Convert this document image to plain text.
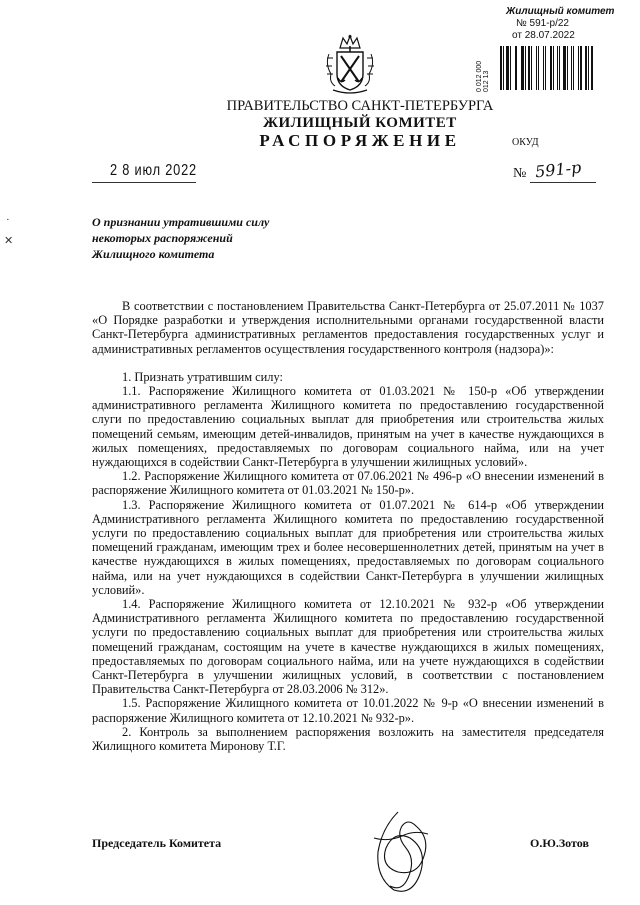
Жилищный комитет
№ 591-р/22
от 28.07.2022
0 012 000 012 13
ПРАВИТЕЛЬСТВО САНКТ-ПЕТЕРБУРГА
ЖИЛИЩНЫЙ КОМИТЕТ
РАСПОРЯЖЕНИЕ	ОКУД
2 8 июл 2022	№ 591-р
·
✕
О признании утратившими силу
некоторых распоряжений
Жилищного комитета

В соответствии с постановлением Правительства Санкт-Петербурга от 25.07.2011 № 1037 «О Порядке разработки и утверждения исполнительными органами государственной власти Санкт-Петербурга административных регламентов предоставления государственных услуг и административных регламентов осуществления государственного контроля (надзора)»:

1. Признать утратившим силу:

1.1. Распоряжение Жилищного комитета от 01.03.2021 № 150-р «Об утверждении административного регламента Жилищного комитета по предоставлению государственной слуги по предоставлению социальных выплат для приобретения или строительства жилых помещений семьям, имеющим детей-инвалидов, принятым на учет в качестве нуждающихся в жилых помещениях, предоставляемых по договорам социального найма, или на учет нуждающихся в содействии Санкт-Петербурга в улучшении жилищных условий».

1.2. Распоряжение Жилищного комитета от 07.06.2021 № 496-р «О внесении изменений в распоряжение Жилищного комитета от 01.03.2021 № 150-р».

1.3. Распоряжение Жилищного комитета от 01.07.2021 № 614-р «Об утверждении Административного регламента Жилищного комитета по предоставлению государственной услуги по предоставлению социальных выплат для приобретения или строительства жилых помещений гражданам, имеющим трех и более несовершеннолетних детей, принятым на учет в качестве нуждающихся в жилых помещениях, предоставляемых по договорам социального найма, или на учет нуждающихся в содействии Санкт-Петербурга в улучшении жилищных условий».

1.4. Распоряжение Жилищного комитета от 12.10.2021 № 932-р «Об утверждении Административного регламента Жилищного комитета по предоставлению государственной услуги по предоставлению социальных выплат для приобретения или строительства жилых помещений гражданам, состоящим на учете в качестве нуждающихся в жилых помещениях, предоставляемых по договорам социального найма, или на учете нуждающихся в содействии Санкт-Петербурга в улучшении жилищных условий, в соответствии с постановлением Правительства Санкт-Петербурга от 28.03.2006 № 312».

1.5. Распоряжение Жилищного комитета от 10.01.2022 № 9-р «О внесении изменений в распоряжение Жилищного комитета от 12.10.2021 № 932-р».

2. Контроль за выполнением распоряжения возложить на заместителя председателя Жилищного комитета Миронову Т.Г.

Председатель Комитета	О.Ю.Зотов
